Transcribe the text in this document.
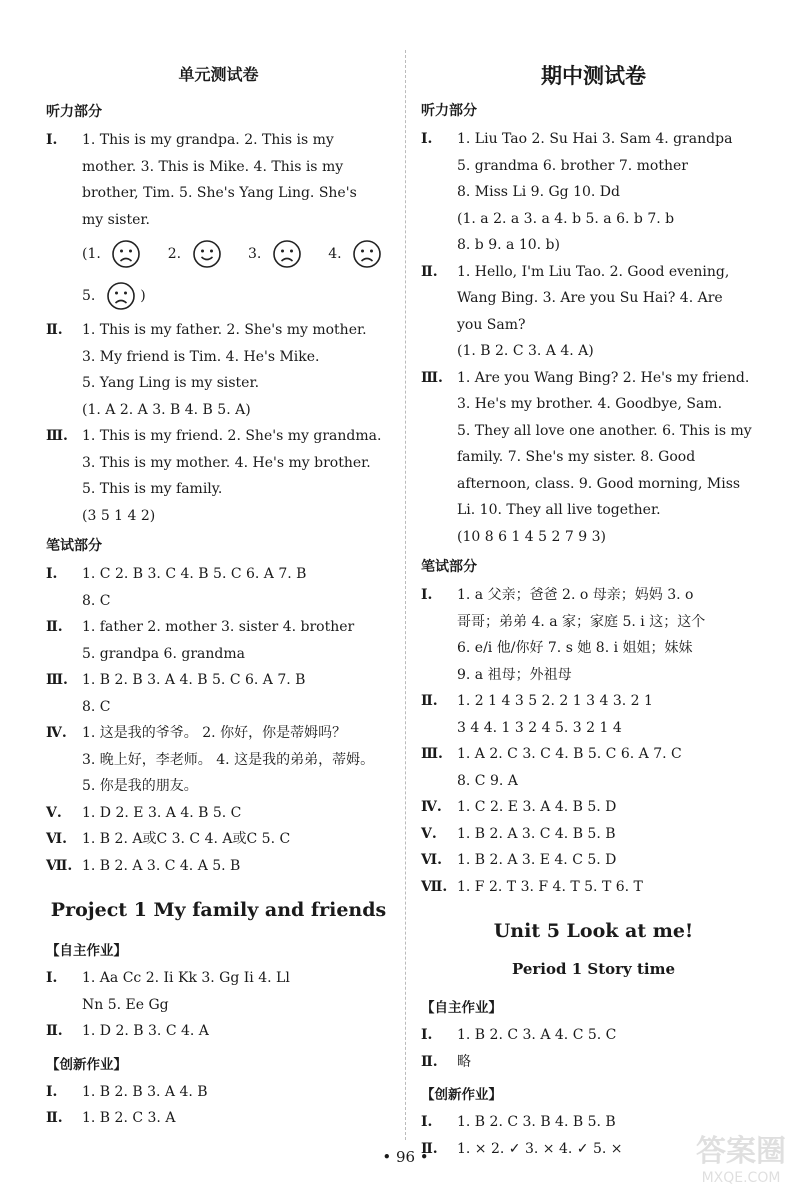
单元测试卷
听力部分
Ⅰ. 1. This is my grandpa. 2. This is my

mother. 3. This is Mike. 4. This is my

brother, Tim. 5. She's Yang Ling. She's

my sister.

(1.	2.	3.	4.
5.	)
Ⅱ. 1. This is my father. 2. She's my mother.

3. My friend is Tim. 4. He's Mike.

5. Yang Ling is my sister.

(1. A 2. A 3. B 4. B 5. A)

Ⅲ. 1. This is my friend. 2. She's my grandma.

3. This is my mother. 4. He's my brother.

5. This is my family.

(3 5 1 4 2)

笔试部分
Ⅰ. 1. C 2. B 3. C 4. B 5. C 6. A 7. B

8. C

Ⅱ. 1. father 2. mother 3. sister 4. brother

5. grandpa 6. grandma

Ⅲ. 1. B 2. B 3. A 4. B 5. C 6. A 7. B

8. C

Ⅳ. 1. 这是我的爷爷。 2. 你好，你是蒂姆吗？

3. 晚上好，李老师。 4. 这是我的弟弟，蒂姆。

5. 你是我的朋友。

Ⅴ. 1. D 2. E 3. A 4. B 5. C

Ⅵ. 1. B 2. A或C 3. C 4. A或C 5. C

Ⅶ. 1. B 2. A 3. C 4. A 5. B

Project 1 My family and friends
【自主作业】
Ⅰ. 1. Aa Cc 2. Ii Kk 3. Gg Ii 4. Ll

Nn 5. Ee Gg

Ⅱ. 1. D 2. B 3. C 4. A

【创新作业】
Ⅰ. 1. B 2. B 3. A 4. B

Ⅱ. 1. B 2. C 3. A

期中测试卷
听力部分
Ⅰ. 1. Liu Tao 2. Su Hai 3. Sam 4. grandpa

5. grandma 6. brother 7. mother

8. Miss Li 9. Gg 10. Dd

(1. a 2. a 3. a 4. b 5. a 6. b 7. b

8. b 9. a 10. b)

Ⅱ. 1. Hello, I'm Liu Tao. 2. Good evening,

Wang Bing. 3. Are you Su Hai? 4. Are

you Sam?

(1. B 2. C 3. A 4. A)

Ⅲ. 1. Are you Wang Bing? 2. He's my friend.

3. He's my brother. 4. Goodbye, Sam.

5. They all love one another. 6. This is my

family. 7. She's my sister. 8. Good

afternoon, class. 9. Good morning, Miss

Li. 10. They all live together.

(10 8 6 1 4 5 2 7 9 3)

笔试部分
Ⅰ. 1. a 父亲；爸爸 2. o 母亲；妈妈 3. o

哥哥；弟弟 4. a 家；家庭 5. i 这；这个

6. e/i 他/你好 7. s 她 8. i 姐姐；妹妹

9. a 祖母；外祖母

Ⅱ. 1. 2 1 4 3 5 2. 2 1 3 4 3. 2 1

3 4 4. 1 3 2 4 5. 3 2 1 4

Ⅲ. 1. A 2. C 3. C 4. B 5. C 6. A 7. C

8. C 9. A

Ⅳ. 1. C 2. E 3. A 4. B 5. D

Ⅴ. 1. B 2. A 3. C 4. B 5. B

Ⅵ. 1. B 2. A 3. E 4. C 5. D

Ⅶ. 1. F 2. T 3. F 4. T 5. T 6. T

Unit 5 Look at me!
Period 1 Story time
【自主作业】
Ⅰ. 1. B 2. C 3. A 4. C 5. C

Ⅱ. 略

【创新作业】
Ⅰ. 1. B 2. C 3. B 4. B 5. B

Ⅱ. 1. × 2. ✓ 3. × 4. ✓ 5. ×

• 96 •	答案圈
MXQE.COM
